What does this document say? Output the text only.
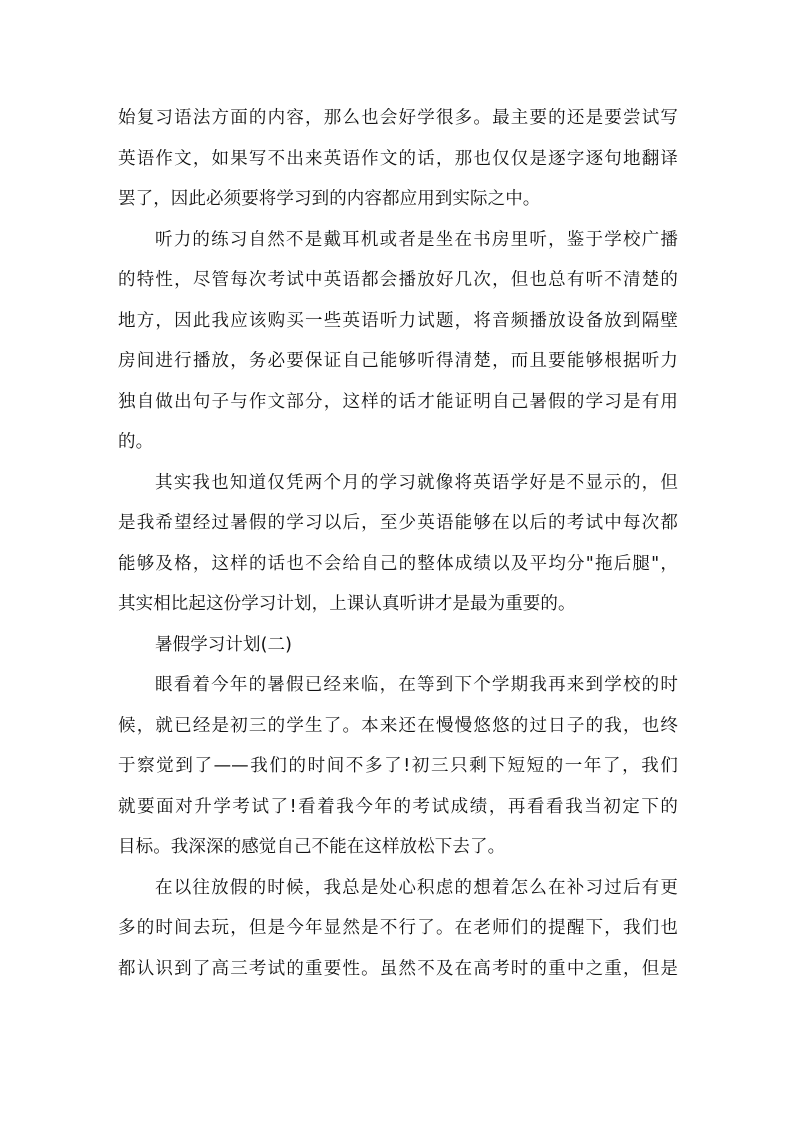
始复习语法方面的内容，那么也会好学很多。最主要的还是要尝试写
英语作文，如果写不出来英语作文的话，那也仅仅是逐字逐句地翻译
罢了，因此必须要将学习到的内容都应用到实际之中。
听力的练习自然不是戴耳机或者是坐在书房里听，鉴于学校广播
的特性，尽管每次考试中英语都会播放好几次，但也总有听不清楚的
地方，因此我应该购买一些英语听力试题，将音频播放设备放到隔壁
房间进行播放，务必要保证自己能够听得清楚，而且要能够根据听力
独自做出句子与作文部分，这样的话才能证明自己暑假的学习是有用
的。
其实我也知道仅凭两个月的学习就像将英语学好是不显示的，但
是我希望经过暑假的学习以后，至少英语能够在以后的考试中每次都
能够及格，这样的话也不会给自己的整体成绩以及平均分"拖后腿"，
其实相比起这份学习计划，上课认真听讲才是最为重要的。
暑假学习计划(二)
眼看着今年的暑假已经来临，在等到下个学期我再来到学校的时
候，就已经是初三的学生了。本来还在慢慢悠悠的过日子的我，也终
于察觉到了——我们的时间不多了!初三只剩下短短的一年了，我们
就要面对升学考试了!看着我今年的考试成绩，再看看我当初定下的
目标。我深深的感觉自己不能在这样放松下去了。
在以往放假的时候，我总是处心积虑的想着怎么在补习过后有更
多的时间去玩，但是今年显然是不行了。在老师们的提醒下，我们也
都认识到了高三考试的重要性。虽然不及在高考时的重中之重，但是
